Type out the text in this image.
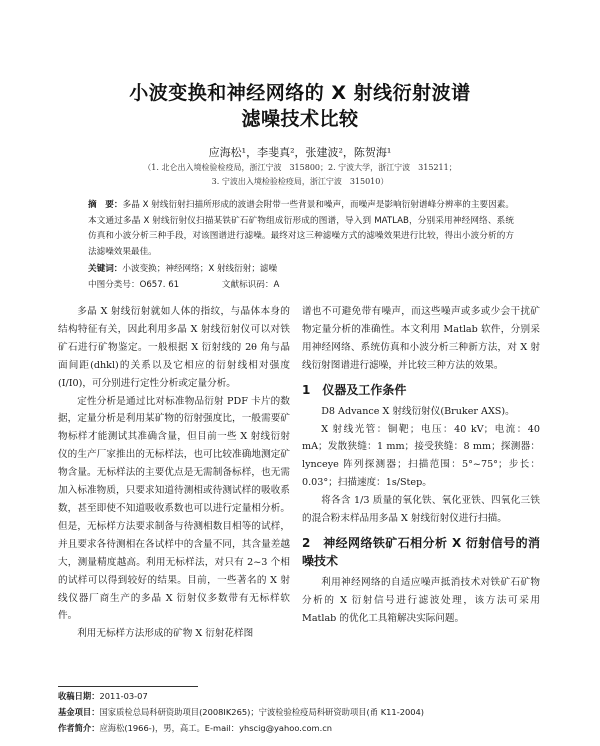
小波变换和神经网络的 X 射线衍射波谱
滤噪技术比较
应海松¹，李斐真²，张建波²，陈贺海¹
（1. 北仑出入境检验检疫局，浙江宁波　315800；2. 宁波大学，浙江宁波　315211；
3. 宁波出入境检验检疫局，浙江宁波　315010）
摘　要：多晶 X 射线衍射扫描所形成的波谱会附带一些背景和噪声，而噪声是影响衍射谱峰分辨率的主要因素。本文通过多晶 X 射线衍射仪扫描某铁矿石矿物组成衍形成的图谱，导入到 MATLAB，分别采用神经网络、系统仿真和小波分析三种手段，对该图谱进行滤噪。最终对这三种滤噪方式的滤噪效果进行比较，得出小波分析的方法滤噪效果最佳。
关键词：小波变换；神经网络；X 射线衍射；滤噪
中图分类号：O657. 61	文献标识码：A

多晶 X 射线衍射就如人体的指纹，与晶体本身的结构特征有关，因此利用多晶 X 射线衍射仪可以对铁矿石进行矿物鉴定。一般根据 X 衍射线的 2θ 角与晶面间距(dhkl)的关系以及它相应的衍射线相对强度(I/I0)，可分别进行定性分析或定量分析。

定性分析是通过比对标准物品衍射 PDF 卡片的数据，定量分析是利用某矿物的衍射强度比，一般需要矿物标样才能测试其准确含量，但目前一些 X 射线衍射仪的生产厂家推出的无标样法，也可比较准确地测定矿物含量。无标样法的主要优点是无需制备标样，也无需加入标准物质，只要求知道待测相或待测试样的吸收系数，甚至即使不知道吸收系数也可以进行定量相分析。但是，无标样方法要求制备与待测相数目相等的试样，并且要求各待测相在各试样中的含量不同，其含量差越大，测量精度越高。利用无标样法，对只有 2~3 个相的试样可以得到较好的结果。目前，一些著名的 X 射线仪器厂商生产的多晶 X 衍射仪多数带有无标样软件。

利用无标样方法形成的矿物 X 衍射花样图

谱也不可避免带有噪声，而这些噪声或多或少会干扰矿物定量分析的准确性。本文利用 Matlab 软件，分别采用神经网络、系统仿真和小波分析三种新方法，对 X 射线衍射图谱进行滤噪，并比较三种方法的效果。

1　仪器及工作条件

D8 Advance X 射线衍射仪(Bruker AXS)。

X 射线光管：铜靶；电压：40 kV；电流：40 mA；发散狭缝：1 mm；接受狭缝：8 mm；探测器：lynceye 阵列探测器；扫描范围：5°~75°；步长：0.03°；扫描速度：1s/Step。

将各含 1/3 质量的氧化铁、氧化亚铁、四氧化三铁的混合粉末样品用多晶 X 射线衍射仪进行扫描。

2　神经网络铁矿石相分析 X 衍射信号的消噪技术

利用神经网络的自适应噪声抵消技术对铁矿石矿物分析的 X 衍射信号进行滤波处理，该方法可采用 Matlab 的优化工具箱解决实际问题。

收稿日期：2011-03-07
基金项目：国家质检总局科研资助项目(2008IK265)；宁波检验检疫局科研资助项目(甬 K11-2004)
作者简介：应海松(1966-)，男，高工。E-mail：yhscig@yahoo.com.cn
